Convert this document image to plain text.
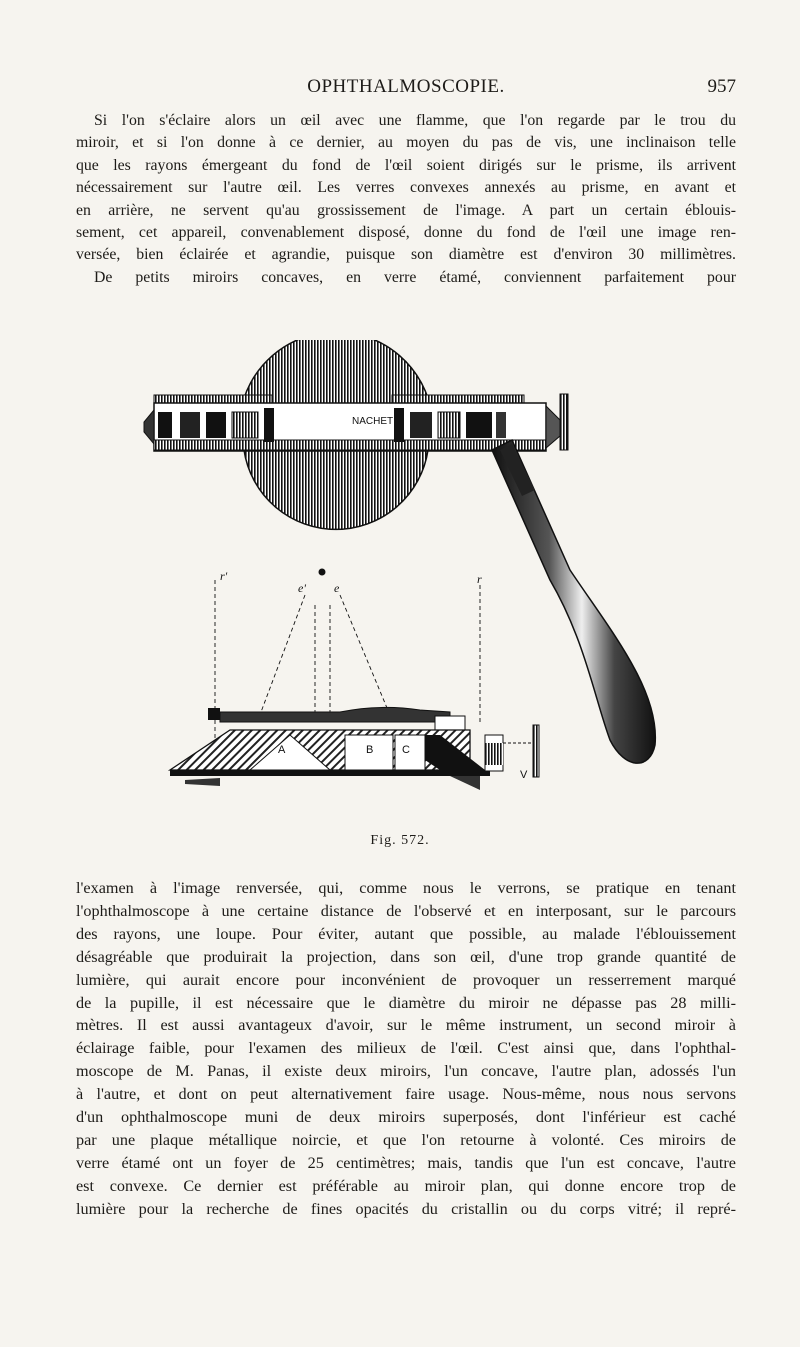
OPHTHALMOSCOPIE.	957
Si l'on s'éclaire alors un œil avec une flamme, que l'on regarde par le trou du
miroir, et si l'on donne à ce dernier, au moyen du pas de vis, une inclinaison telle
que les rayons émergeant du fond de l'œil soient dirigés sur le prisme, ils arrivent
nécessairement sur l'autre œil. Les verres convexes annexés au prisme, en avant et
en arrière, ne servent qu'au grossissement de l'image. A part un certain éblouis-
sement, cet appareil, convenablement disposé, donne du fond de l'œil une image ren-
versée, bien éclairée et agrandie, puisque son diamètre est d'environ 30 millimètres.
De petits miroirs concaves, en verre étamé, conviennent parfaitement pour
NACHET
r'	r
e' e
A	B	C
V
Fig. 572.
l'examen à l'image renversée, qui, comme nous le verrons, se pratique en tenant
l'ophthalmoscope à une certaine distance de l'observé et en interposant, sur le parcours
des rayons, une loupe. Pour éviter, autant que possible, au malade l'éblouissement
désagréable que produirait la projection, dans son œil, d'une trop grande quantité de
lumière, qui aurait encore pour inconvénient de provoquer un resserrement marqué
de la pupille, il est nécessaire que le diamètre du miroir ne dépasse pas 28 milli-
mètres. Il est aussi avantageux d'avoir, sur le même instrument, un second miroir à
éclairage faible, pour l'examen des milieux de l'œil. C'est ainsi que, dans l'ophthal-
moscope de M. Panas, il existe deux miroirs, l'un concave, l'autre plan, adossés l'un
à l'autre, et dont on peut alternativement faire usage. Nous-même, nous nous servons
d'un ophthalmoscope muni de deux miroirs superposés, dont l'inférieur est caché
par une plaque métallique noircie, et que l'on retourne à volonté. Ces miroirs de
verre étamé ont un foyer de 25 centimètres; mais, tandis que l'un est concave, l'autre
est convexe. Ce dernier est préférable au miroir plan, qui donne encore trop de
lumière pour la recherche de fines opacités du cristallin ou du corps vitré; il repré-
